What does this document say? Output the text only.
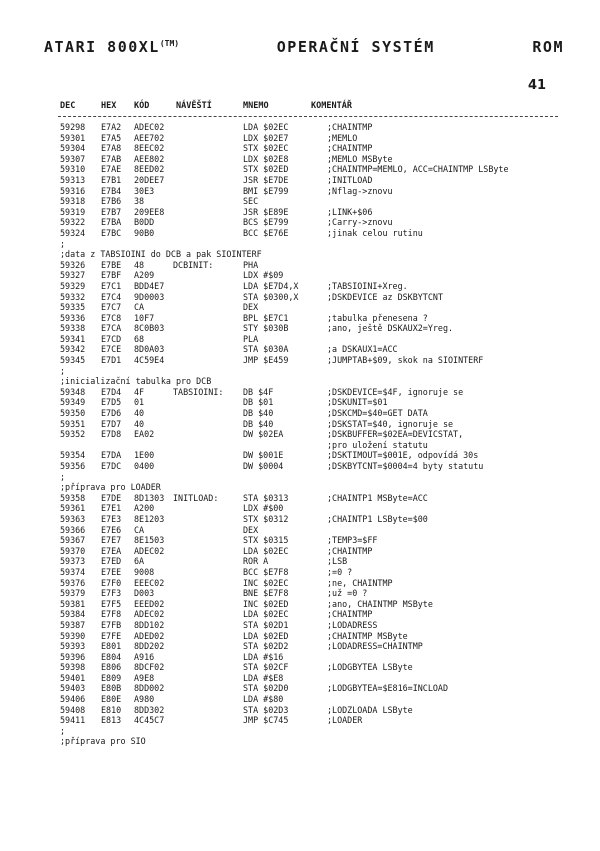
ATARI $800XL^{(TM)}$	OPERAČNÍ SYSTÉM	ROM
41
DEC	HEX KÓD	NÁVĚŠTÍ	MNEMO	KOMENTÁŘ
59298 E7A2 ADEC02	LDA $02EC	;CHAINTMP
59301 E7A5 AEE702	LDX $02E7	;MEMLO
59304 E7A8 8EEC02	STX $02EC	;CHAINTMP
59307 E7AB AEE802	LDX $02E8	;MEMLO MSByte
59310 E7AE 8EED02	STX $02ED	;CHAINTMP=MEMLO, ACC=CHAINTMP LSByte
59313 E7B1 20DEE7	JSR $E7DE	;INITLOAD
59316 E7B4 30E3	BMI $E799	;Nflag->znovu
59318 E7B6 38	SEC
59319 E7B7 209EE8	JSR $E89E	;LINK+$06
59322 E7BA B0DD	BCS $E799	;Carry->znovu
59324 E7BC 90B0	BCC $E76E	;jinak celou rutinu
;
;data z TABSIOINI do DCB a pak SIOINTERF
59326 E7BE 48	DCBINIT:	PHA
59327 E7BF A209	LDX #$09
59329 E7C1 BDD4E7	LDA $E7D4,X	;TABSIOINI+Xreg.
59332 E7C4 9D0003	STA $0300,X	;DSKDEVICE az DSKBYTCNT
59335 E7C7 CA	DEX
59336 E7C8 10F7	BPL $E7C1	;tabulka přenesena ?
59338 E7CA 8C0B03	STY $030B	;ano, ještě DSKAUX2=Yreg.
59341 E7CD 68	PLA
59342 E7CE 8D0A03	STA $030A	;a DSKAUX1=ACC
59345 E7D1 4C59E4	JMP $E459	;JUMPTAB+$09, skok na SIOINTERF
;
;inicializační tabulka pro DCB
59348 E7D4 4F	TABSIOINI: DB $4F	;DSKDEVICE=$4F, ignoruje se
59349 E7D5 01	DB $01	;DSKUNIT=$01
59350 E7D6 40	DB $40	;DSKCMD=$40=GET DATA
59351 E7D7 40	DB $40	;DSKSTAT=$40, ignoruje se
59352 E7D8 EA02	DW $02EA	;DSKBUFFER=$02EA=DEVICSTAT,
;pro uložení statutu
59354 E7DA 1E00	DW $001E	;DSKTIMOUT=$001E, odpovídá 30s
59356 E7DC 0400	DW $0004	;DSKBYTCNT=$0004=4 byty statutu
;
;příprava pro LOADER
59358 E7DE 8D1303 INITLOAD:	STA $0313	;CHAINTP1 MSByte=ACC
59361 E7E1 A200	LDX #$00
59363 E7E3 8E1203	STX $0312	;CHAINTP1 LSByte=$00
59366 E7E6 CA	DEX
59367 E7E7 8E1503	STX $0315	;TEMP3=$FF
59370 E7EA ADEC02	LDA $02EC	;CHAINTMP
59373 E7ED 6A	ROR A	;LSB
59374 E7EE 9008	BCC $E7F8	;=0 ?
59376 E7F0 EEEC02	INC $02EC	;ne, CHAINTMP
59379 E7F3 D003	BNE $E7F8	;už =0 ?
59381 E7F5 EEED02	INC $02ED	;ano, CHAINTMP MSByte
59384 E7F8 ADEC02	LDA $02EC	;CHAINTMP
59387 E7FB 8DD102	STA $02D1	;LODADRESS
59390 E7FE ADED02	LDA $02ED	;CHAINTMP MSByte
59393 E801 8DD202	STA $02D2	;LODADRESS=CHAINTMP
59396 E804 A916	LDA #$16
59398 E806 8DCF02	STA $02CF	;LODGBYTEA LSByte
59401 E809 A9E8	LDA #$E8
59403 E80B 8DD002	STA $02D0	;LODGBYTEA=$E816=INCLOAD
59406 E80E A980	LDA #$80
59408 E810 8DD302	STA $02D3	;LODZLOADA LSByte
59411 E813 4C45C7	JMP $C745	;LOADER
;
;příprava pro SIO
